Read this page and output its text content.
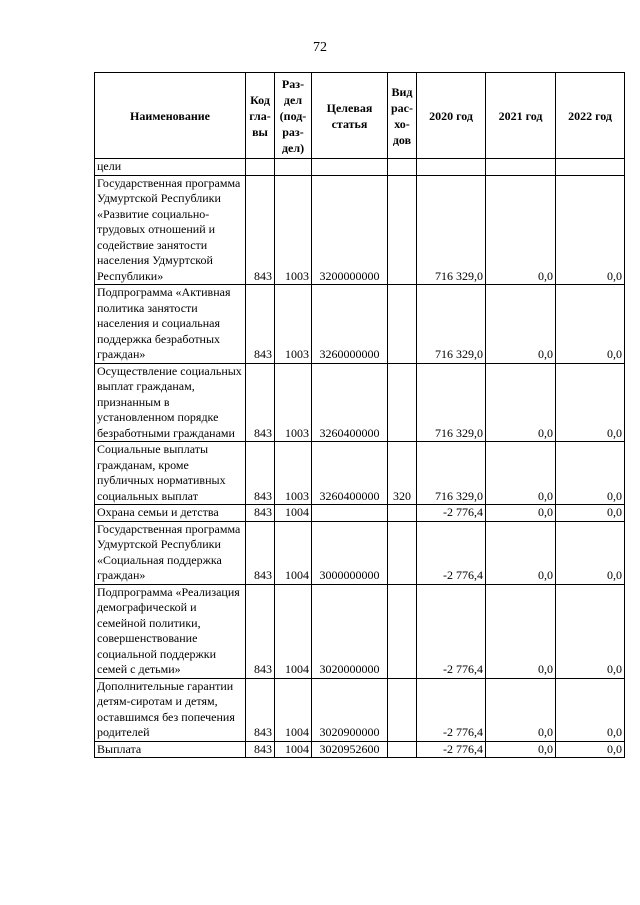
72
Наименование	Код гла- вы	Раз- дел (под- раз- дел)	Целевая статья	Вид рас- хо- дов	2020 год	2021 год	2022 год
цели							
Государственная программа Удмуртской Республики «Развитие социально-трудовых отношений и содействие занятости населения Удмуртской Республики»	843	1003	3200000000		716 329,0	0,0	0,0
Подпрограмма «Активная политика занятости населения и социальная поддержка безработных граждан»	843	1003	3260000000		716 329,0	0,0	0,0
Осуществление социальных выплат гражданам, признанным в установленном порядке безработными гражданами	843	1003	3260400000		716 329,0	0,0	0,0
Социальные выплаты гражданам, кроме публичных нормативных социальных выплат	843	1003	3260400000	320	716 329,0	0,0	0,0
Охрана семьи и детства	843	1004			-2 776,4	0,0	0,0
Государственная программа Удмуртской Республики «Социальная поддержка граждан»	843	1004	3000000000		-2 776,4	0,0	0,0
Подпрограмма «Реализация демографической и семейной политики, совершенствование социальной поддержки семей с детьми»	843	1004	3020000000		-2 776,4	0,0	0,0
Дополнительные гарантии детям-сиротам и детям, оставшимся без попечения родителей	843	1004	3020900000		-2 776,4	0,0	0,0
Выплата	843	1004	3020952600		-2 776,4	0,0	0,0
